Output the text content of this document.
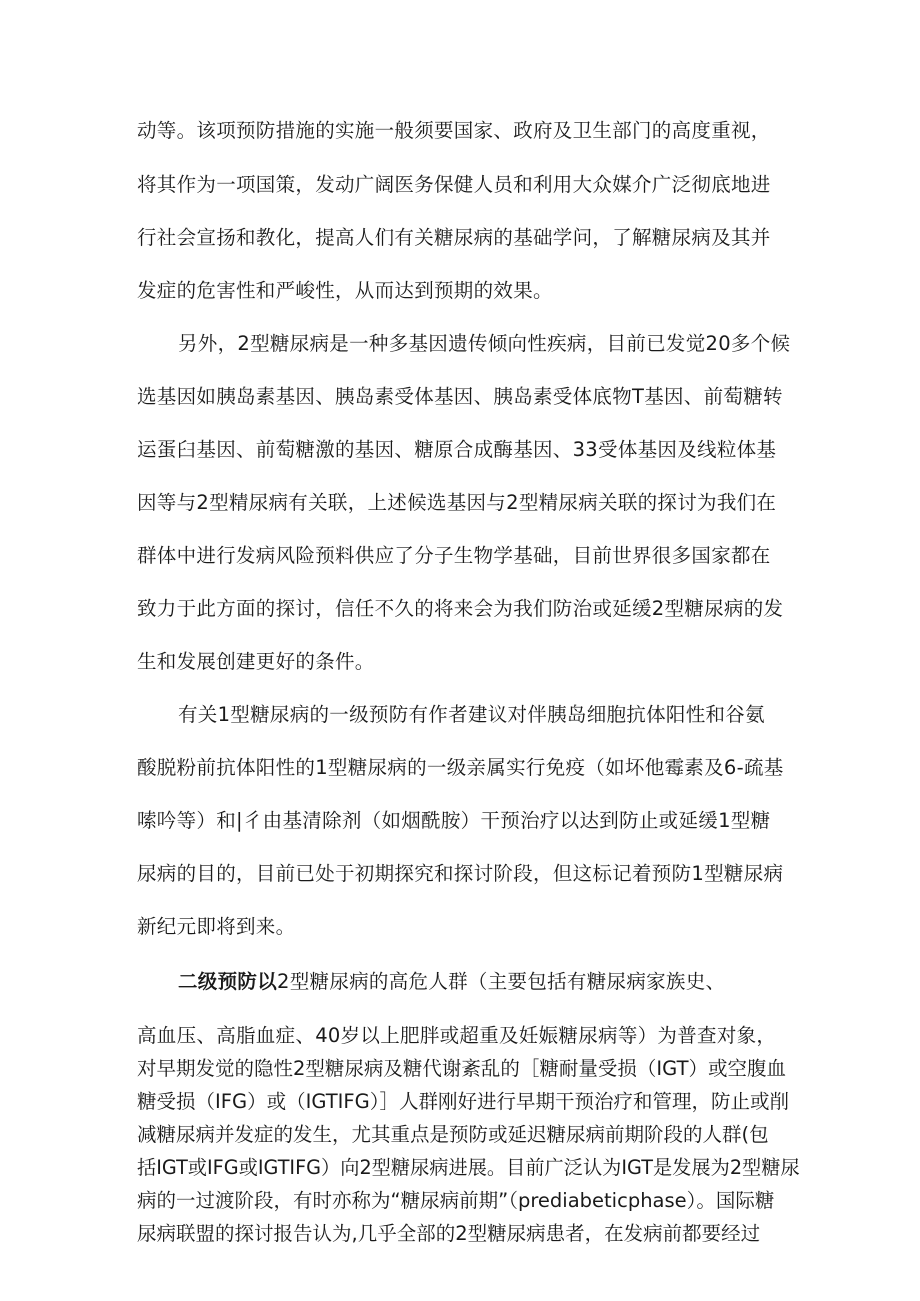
动等。该项预防措施的实施一般须要国家、政府及卫生部门的高度重视，
将其作为一项国策，发动广阔医务保健人员和利用大众媒介广泛彻底地进
行社会宣扬和教化，提高人们有关糖尿病的基础学问，了解糖尿病及其并
发症的危害性和严峻性，从而达到预期的效果。
另外，2型糖尿病是一种多基因遗传倾向性疾病，目前已发觉20多个候
选基因如胰岛素基因、胰岛素受体基因、胰岛素受体底物T基因、前萄糖转
运蛋臼基因、前萄糖激的基因、糖原合成酶基因、33受体基因及线粒体基
因等与2型精尿病有关联，上述候选基因与2型精尿病关联的探讨为我们在
群体中进行发病风险预料供应了分子生物学基础，目前世界很多国家都在
致力于此方面的探讨，信任不久的将来会为我们防治或延缓2型糖尿病的发
生和发展创建更好的条件。
有关1型糖尿病的一级预防有作者建议对伴胰岛细胞抗体阳性和谷氨
酸脱粉前抗体阳性的1型糖尿病的一级亲属实行免疫（如坏他霉素及6-疏基
嗦吟等）和|彳由基清除剂（如烟酰胺）干预治疗以达到防止或延缓1型糖
尿病的目的，目前已处于初期探究和探讨阶段，但这标记着预防1型糖尿病
新纪元即将到来。
二级预防以2型糖尿病的高危人群（主要包括有糖尿病家族史、
高血压、高脂血症、40岁以上肥胖或超重及妊娠糖尿病等）为普查对象，
对早期发觉的隐性2型糖尿病及糖代谢紊乱的［糖耐量受损（IGT）或空腹血
糖受损（IFG）或（IGTIFG）］人群刚好进行早期干预治疗和管理，防止或削
减糖尿病并发症的发生，尤其重点是预防或延迟糖尿病前期阶段的人群(包
括IGT或IFG或IGTIFG）向2型糖尿病进展。目前广泛认为IGT是发展为2型糖尿
病的一过渡阶段，有时亦称为“糖尿病前期”（prediabeticphase）。国际糖
尿病联盟的探讨报告认为,几乎全部的2型糖尿病患者，在发病前都要经过
